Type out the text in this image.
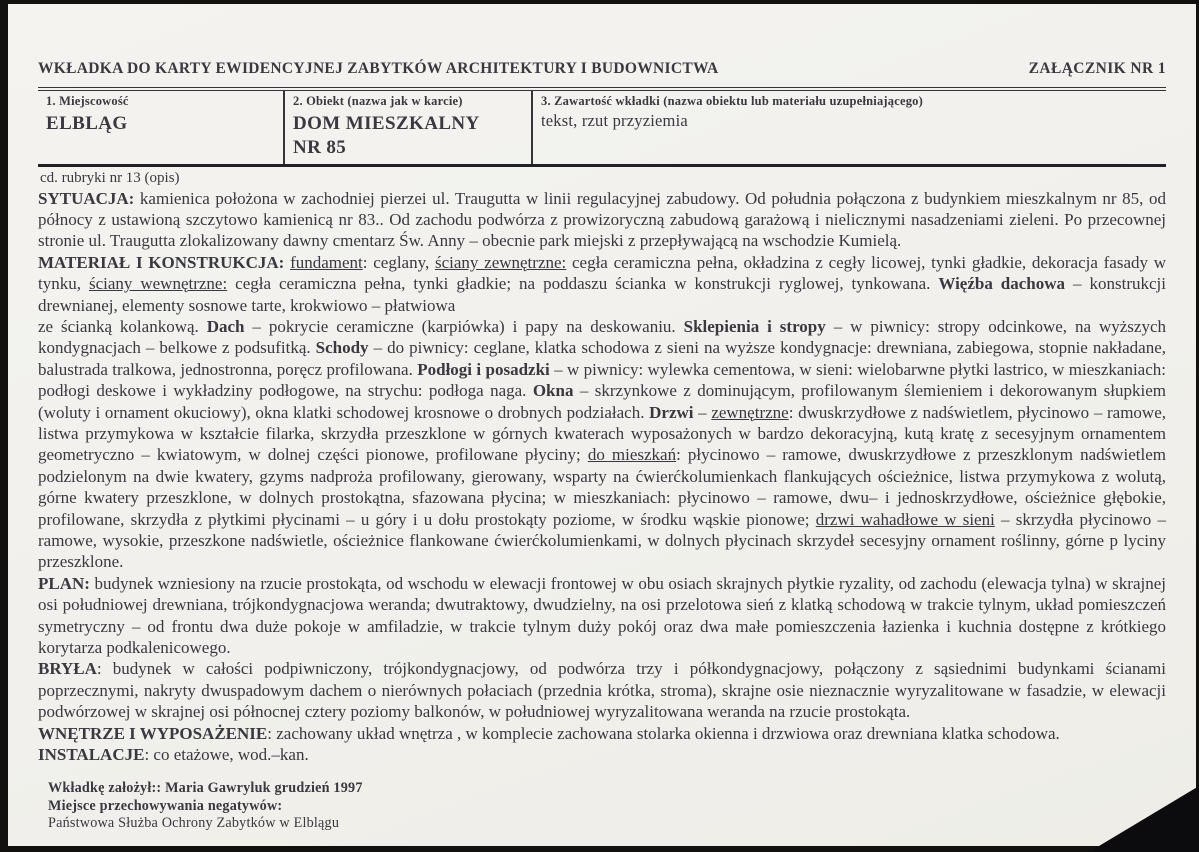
WKŁADKA DO KARTY EWIDENCYJNEJ ZABYTKÓW ARCHITEKTURY I BUDOWNICTWA	ZAŁĄCZNIK NR 1
1. Miejscowość
ELBLĄG
2. Obiekt (nazwa jak w karcie)
DOM MIESZKALNY
NR 85
3. Zawartość wkładki (nazwa obiektu lub materiału uzupełniającego)
tekst, rzut przyziemia
cd. rubryki nr 13 (opis)

SYTUACJA: kamienica położona w zachodniej pierzei ul. Traugutta w linii regulacyjnej zabudowy. Od południa połączona z budynkiem mieszkalnym nr 85, od północy z ustawioną szczytowo kamienicą nr 83.. Od zachodu podwórza z prowizoryczną zabudową garażową i nielicznymi nasadzeniami zieleni. Po przecownej stronie ul. Traugutta zlokalizowany dawny cmentarz Św. Anny – obecnie park miejski z przepływającą na wschodzie Kumielą.

MATERIAŁ I KONSTRUKCJA: fundament: ceglany, ściany zewnętrzne: cegła ceramiczna pełna, okładzina z cegły licowej, tynki gładkie, dekoracja fasady w tynku, ściany wewnętrzne: cegła ceramiczna pełna, tynki gładkie; na poddaszu ścianka w konstrukcji ryglowej, tynkowana. Więźba dachowa – konstrukcji drewnianej, elementy sosnowe tarte, krokwiowo – płatwiowa
ze ścianką kolankową. Dach – pokrycie ceramiczne (karpiówka) i papy na deskowaniu. Sklepienia i stropy – w piwnicy: stropy odcinkowe, na wyższych kondygnacjach – belkowe z podsufitką. Schody – do piwnicy: ceglane, klatka schodowa z sieni na wyższe kondygnacje: drewniana, zabiegowa, stopnie nakładane, balustrada tralkowa, jednostronna, poręcz profilowana. Podłogi i posadzki – w piwnicy: wylewka cementowa, w sieni: wielobarwne płytki lastrico, w mieszkaniach: podłogi deskowe i wykładziny podłogowe, na strychu: podłoga naga. Okna – skrzynkowe z dominującym, profilowanym ślemieniem i dekorowanym słupkiem (woluty i ornament okuciowy), okna klatki schodowej krosnowe o drobnych podziałach. Drzwi – zewnętrzne: dwuskrzydłowe z nadświetlem, płycinowo – ramowe, listwa przymykowa w kształcie filarka, skrzydła przeszklone w górnych kwaterach wyposażonych w bardzo dekoracyjną, kutą kratę z secesyjnym ornamentem geometryczno – kwiatowym, w dolnej części pionowe, profilowane płyciny; do mieszkań: płycinowo – ramowe, dwuskrzydłowe z przeszklonym nadświetlem podzielonym na dwie kwatery, gzyms nadproża profilowany, gierowany, wsparty na ćwierćkolumienkach flankujących ościeżnice, listwa przymykowa z wolutą, górne kwatery przeszklone, w dolnych prostokątna, sfazowana płycina; w mieszkaniach: płycinowo – ramowe, dwu– i jednoskrzydłowe, ościeżnice głębokie, profilowane, skrzydła z płytkimi płycinami – u góry i u dołu prostokąty poziome, w środku wąskie pionowe; drzwi wahadłowe w sieni – skrzydła płycinowo – ramowe, wysokie, przeszkone nadświetle, ościeżnice flankowane ćwierćkolumienkami, w dolnych płycinach skrzydeł secesyjny ornament roślinny, górne p lyciny przeszklone.

PLAN: budynek wzniesiony na rzucie prostokąta, od wschodu w elewacji frontowej w obu osiach skrajnych płytkie ryzality, od zachodu (elewacja tylna) w skrajnej osi południowej drewniana, trójkondygnacjowa weranda; dwutraktowy, dwudzielny, na osi przelotowa sień z klatką schodową w trakcie tylnym, układ pomieszczeń symetryczny – od frontu dwa duże pokoje w amfiladzie, w trakcie tylnym duży pokój oraz dwa małe pomieszczenia łazienka i kuchnia dostępne z krótkiego korytarza podkalenicowego.

BRYŁA: budynek w całości podpiwniczony, trójkondygnacjowy, od podwórza trzy i półkondygnacjowy, połączony z sąsiednimi budynkami ścianami poprzecznymi, nakryty dwuspadowym dachem o nierównych połaciach (przednia krótka, stroma), skrajne osie nieznacznie wyryzalitowane w fasadzie, w elewacji podwórzowej w skrajnej osi północnej cztery poziomy balkonów, w południowej wyryzalitowana weranda na rzucie prostokąta.

WNĘTRZE I WYPOSAŻENIE: zachowany układ wnętrza , w komplecie zachowana stolarka okienna i drzwiowa oraz drewniana klatka schodowa.

INSTALACJE: co etażowe, wod.–kan.

Wkładkę założył:: Maria Gawryluk grudzień 1997
Miejsce przechowywania negatywów:
Państwowa Służba Ochrony Zabytków w Elblągu
